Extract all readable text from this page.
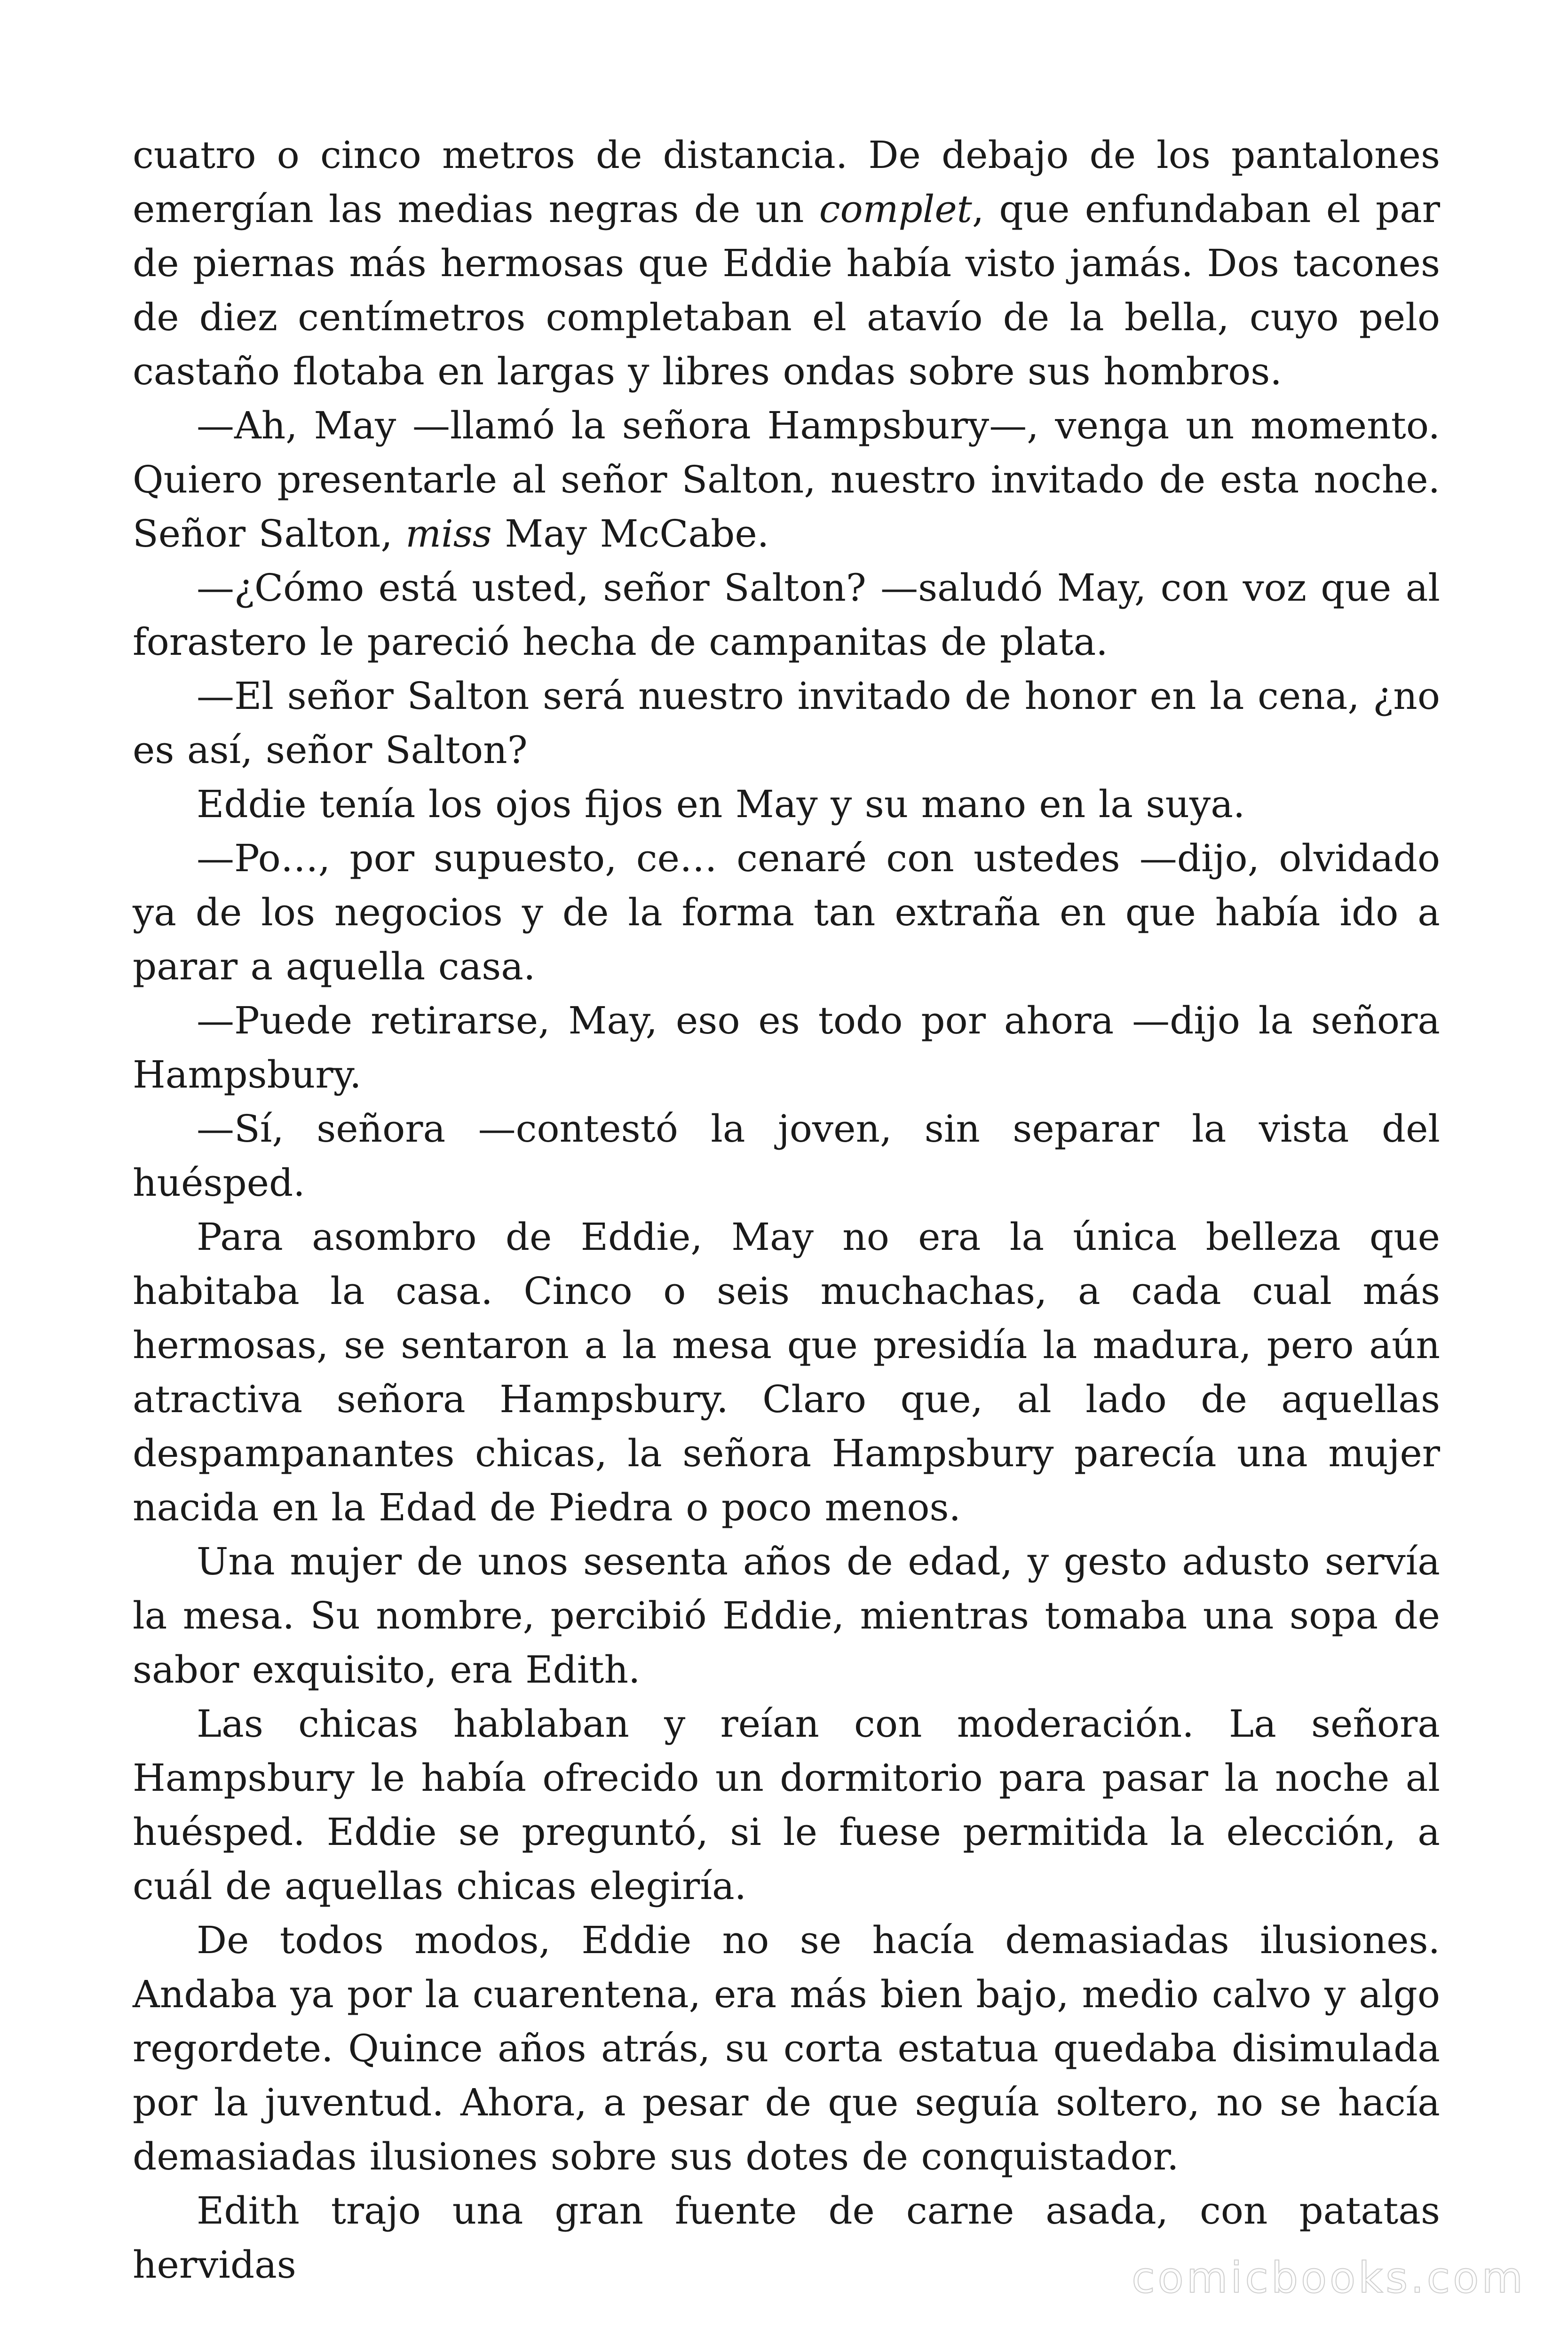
cuatro o cinco metros de distancia. De debajo de los pantalones emergían las medias negras de un complet, que enfundaban el par de piernas más hermosas que Eddie había visto jamás. Dos tacones de diez centímetros completaban el atavío de la bella, cuyo pelo castaño flotaba en largas y libres ondas sobre sus hombros.

—Ah, May —llamó la señora Hampsbury—, venga un momento. Quiero presentarle al señor Salton, nuestro invitado de esta noche. Señor Salton, miss May McCabe.

—¿Cómo está usted, señor Salton? —saludó May, con voz que al forastero le pareció hecha de campanitas de plata.

—El señor Salton será nuestro invitado de honor en la cena, ¿no es así, señor Salton?

Eddie tenía los ojos fijos en May y su mano en la suya.

—Po…, por supuesto, ce… cenaré con ustedes —dijo, olvidado ya de los negocios y de la forma tan extraña en que había ido a parar a aquella casa.

—Puede retirarse, May, eso es todo por ahora —dijo la señora Hampsbury.

—Sí, señora —contestó la joven, sin separar la vista del huésped.

Para asombro de Eddie, May no era la única belleza que habitaba la casa. Cinco o seis muchachas, a cada cual más hermosas, se sentaron a la mesa que presidía la madura, pero aún atractiva señora Hampsbury. Claro que, al lado de aquellas despampanantes chicas, la señora Hampsbury parecía una mujer nacida en la Edad de Piedra o poco menos.

Una mujer de unos sesenta años de edad, y gesto adusto servía la mesa. Su nombre, percibió Eddie, mientras tomaba una sopa de sabor exquisito, era Edith.

Las chicas hablaban y reían con moderación. La señora Hampsbury le había ofrecido un dormitorio para pasar la noche al huésped. Eddie se preguntó, si le fuese permitida la elección, a cuál de aquellas chicas elegiría.

De todos modos, Eddie no se hacía demasiadas ilusiones. Andaba ya por la cuarentena, era más bien bajo, medio calvo y algo regordete. Quince años atrás, su corta estatua quedaba disimulada por la juventud. Ahora, a pesar de que seguía soltero, no se hacía demasiadas ilusiones sobre sus dotes de conquistador.

Edith trajo una gran fuente de carne asada, con patatas hervidas	comicbooks.com
